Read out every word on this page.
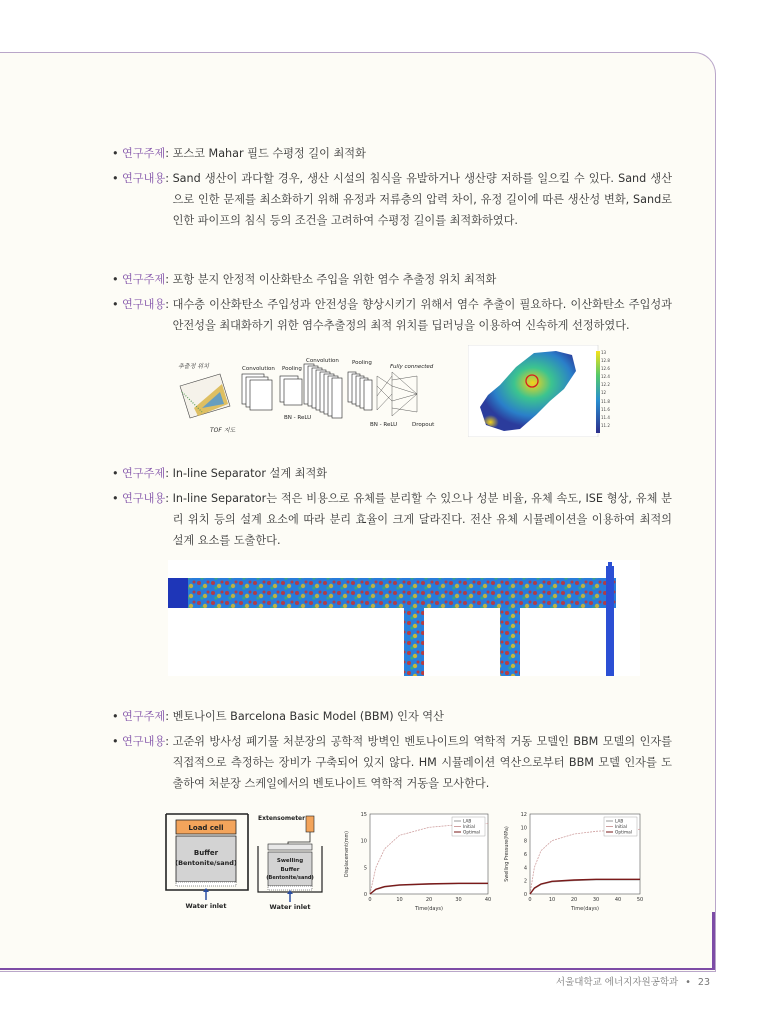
• 연구주제 : 포스코 Mahar 필드 수평정 길이 최적화
• 연구내용 : Sand 생산이 과다할 경우, 생산 시설의 침식을 유발하거나 생산량 저하를 일으킬 수 있다. Sand 생산으로 인한 문제를 최소화하기 위해 유정과 저류층의 압력 차이, 유정 길이에 따른 생산성 변화, Sand로 인한 파이프의 침식 등의 조건을 고려하여 수평정 길이를 최적화하였다.
• 연구주제 : 포항 분지 안정적 이산화탄소 주입을 위한 염수 추출정 위치 최적화
• 연구내용 : 대수층 이산화탄소 주입성과 안전성을 향상시키기 위해서 염수 추출이 필요하다. 이산화탄소 주입성과 안전성을 최대화하기 위한 염수추출정의 최적 위치를 딥러닝을 이용하여 신속하게 선정하였다.
추출정 위치
TOF 지도
Convolution Pooling
Convolution Pooling
Fully connected
BN - ReLU
BN - ReLU	Dropout
13
12.8
12.6
12.4
12.2
12
11.8
11.6
11.4
11.2
• 연구주제 : In-line Separator 설계 최적화
• 연구내용 : In-line Separator는 적은 비용으로 유체를 분리할 수 있으나 성분 비율, 유체 속도, ISE 형상, 유체 분리 위치 등의 설계 요소에 따라 분리 효율이 크게 달라진다. 전산 유체 시뮬레이션을 이용하여 최적의 설계 요소를 도출한다.
• 연구주제 : 벤토나이트 Barcelona Basic Model (BBM) 인자 역산
• 연구내용 : 고준위 방사성 폐기물 처분장의 공학적 방벽인 벤토나이트의 역학적 거동 모델인 BBM 모델의 인자를 직접적으로 측정하는 장비가 구축되어 있지 않다. HM 시뮬레이션 역산으로부터 BBM 모델 인자를 도출하여 처분장 스케일에서의 벤토나이트 역학적 거동을 모사한다.
Load cell
Buffer
(Bentonite/sand)
Water inlet
Extensometer
Swelling
Buffer
(Bentonite/sand)
Water inlet
0	10	20	30	40
0
5
10
15
Time(days)
Displacement(mm)
LAB
Initial
Optimal
0	10	20	30	40	50
0
2
4
6
8
10
12
Time(days)
Swelling Pressure(MPa)
LAB
Initial
Optimal
서울대학교 에너지자원공학과 • 23
